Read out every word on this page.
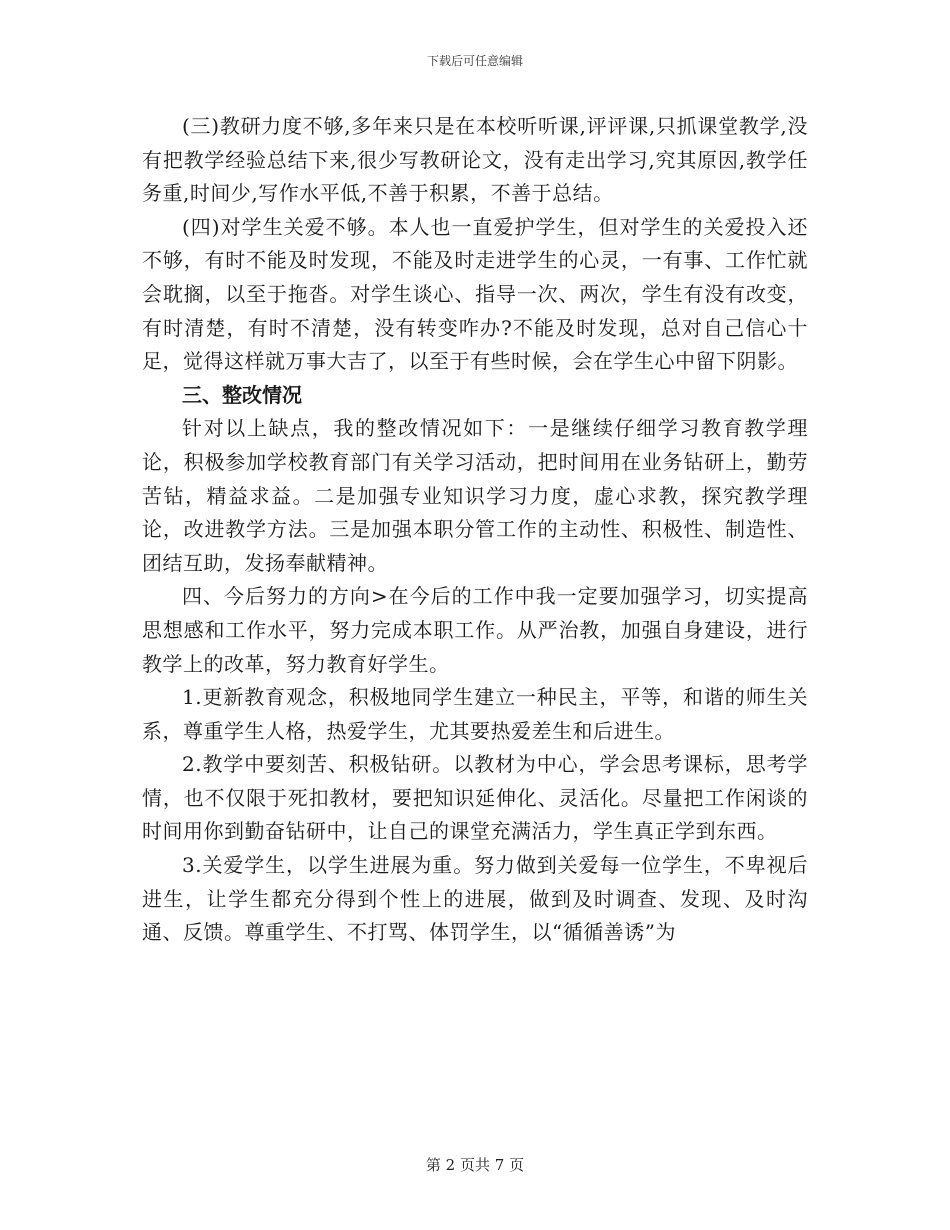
下载后可任意编辑

(三)教研力度不够,多年来只是在本校听听课,评评课,只抓课堂教学,没有把教学经验总结下来,很少写教研论文，没有走出学习,究其原因,教学任务重,时间少,写作水平低,不善于积累，不善于总结。

(四)对学生关爱不够。本人也一直爱护学生，但对学生的关爱投入还不够，有时不能及时发现，不能及时走进学生的心灵，一有事、工作忙就会耽搁，以至于拖沓。对学生谈心、指导一次、两次，学生有没有改变，有时清楚，有时不清楚，没有转变咋办?不能及时发现，总对自己信心十足，觉得这样就万事大吉了，以至于有些时候，会在学生心中留下阴影。

三、整改情况

针对以上缺点，我的整改情况如下：一是继续仔细学习教育教学理论，积极参加学校教育部门有关学习活动，把时间用在业务钻研上，勤劳苦钻，精益求益。二是加强专业知识学习力度，虚心求教，探究教学理论，改进教学方法。三是加强本职分管工作的主动性、积极性、制造性、团结互助，发扬奉献精神。

四、今后努力的方向>在今后的工作中我一定要加强学习，切实提高思想感和工作水平，努力完成本职工作。从严治教，加强自身建设，进行教学上的改革，努力教育好学生。

1.更新教育观念，积极地同学生建立一种民主，平等，和谐的师生关系，尊重学生人格，热爱学生，尤其要热爱差生和后进生。

2.教学中要刻苦、积极钻研。以教材为中心，学会思考课标，思考学情，也不仅限于死扣教材，要把知识延伸化、灵活化。尽量把工作闲谈的时间用你到勤奋钻研中，让自己的课堂充满活力，学生真正学到东西。

3.关爱学生，以学生进展为重。努力做到关爱每一位学生，不卑视后进生，让学生都充分得到个性上的进展，做到及时调查、发现、及时沟通、反馈。尊重学生、不打骂、体罚学生，以“循循善诱”为

第 2 页共 7 页
